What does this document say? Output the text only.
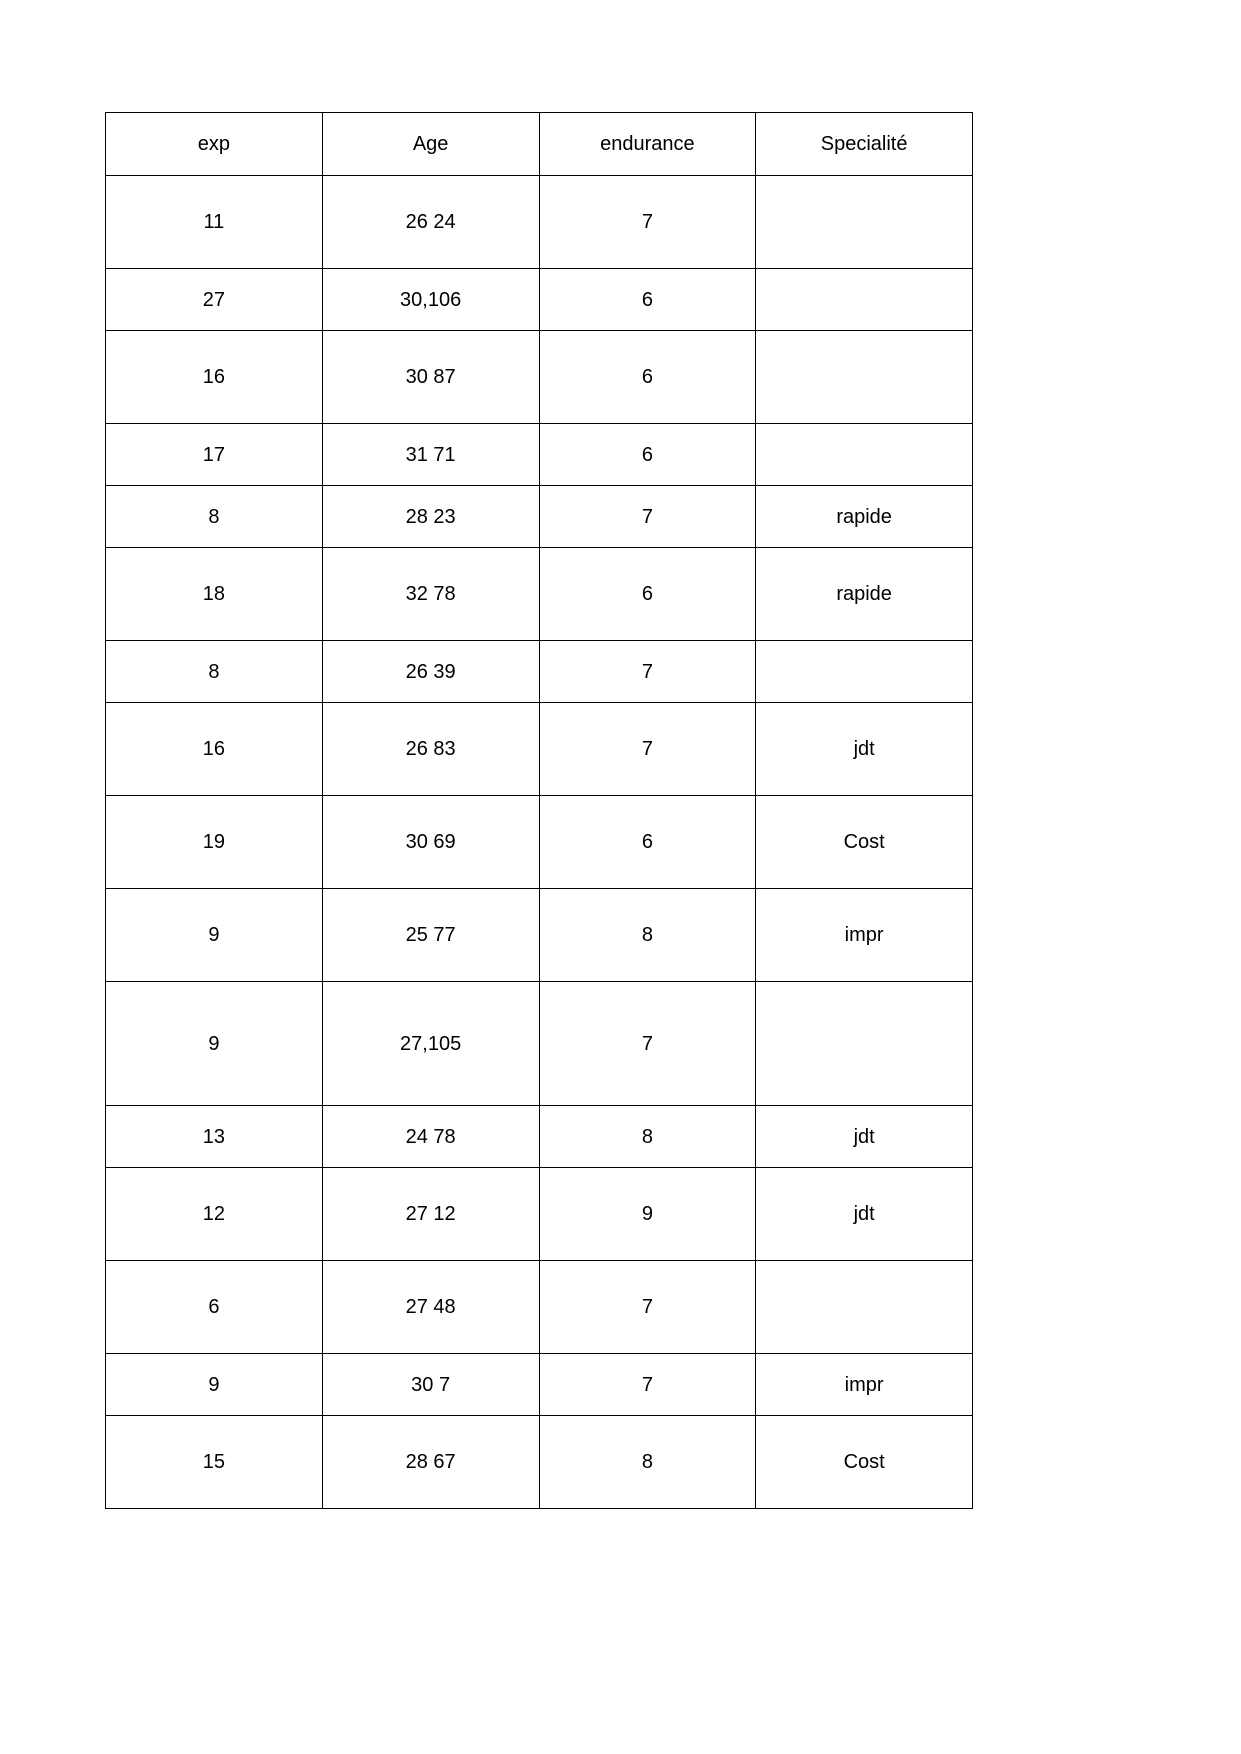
exp	Age	endurance	Specialité
11	26 24	7	
27	30,106	6	
16	30 87	6	
17	31 71	6	
8	28 23	7	rapide
18	32 78	6	rapide
8	26 39	7	
16	26 83	7	jdt
19	30 69	6	Cost
9	25 77	8	impr
9	27,105	7	
13	24 78	8	jdt
12	27 12	9	jdt
6	27 48	7	
9	30 7	7	impr
15	28 67	8	Cost
